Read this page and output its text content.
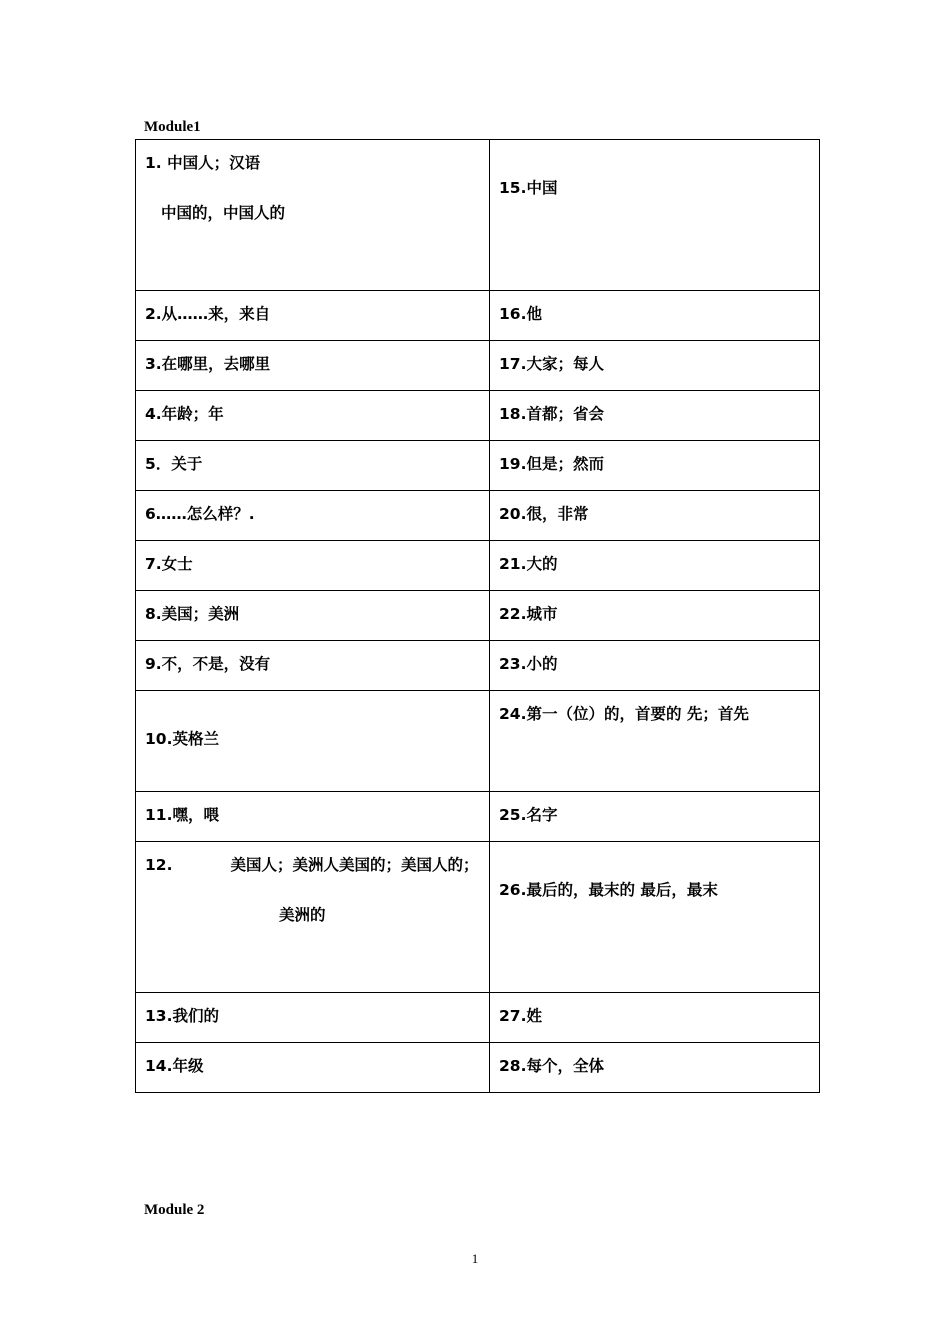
Module1
1. 中国人；汉语
中国的，中国人的	15.中国

2.从……来，来自	16.他

3.在哪里，去哪里	17.大家；每人

4.年龄；年	18.首都；省会

5．关于	19.但是；然而

6……怎么样？.	20.很，非常

7.女士	21.大的

8.美国；美洲	22.城市

9.不，不是，没有	23.小的

10.英格兰	24.第一（位）的，首要的 先；首先

11.嘿，喂	25.名字

12. 美国人；美洲人美国的；美国人的；
美洲的	26.最后的，最末的 最后，最末

13.我们的	27.姓

14.年级	28.每个，全体
Module 2
1
